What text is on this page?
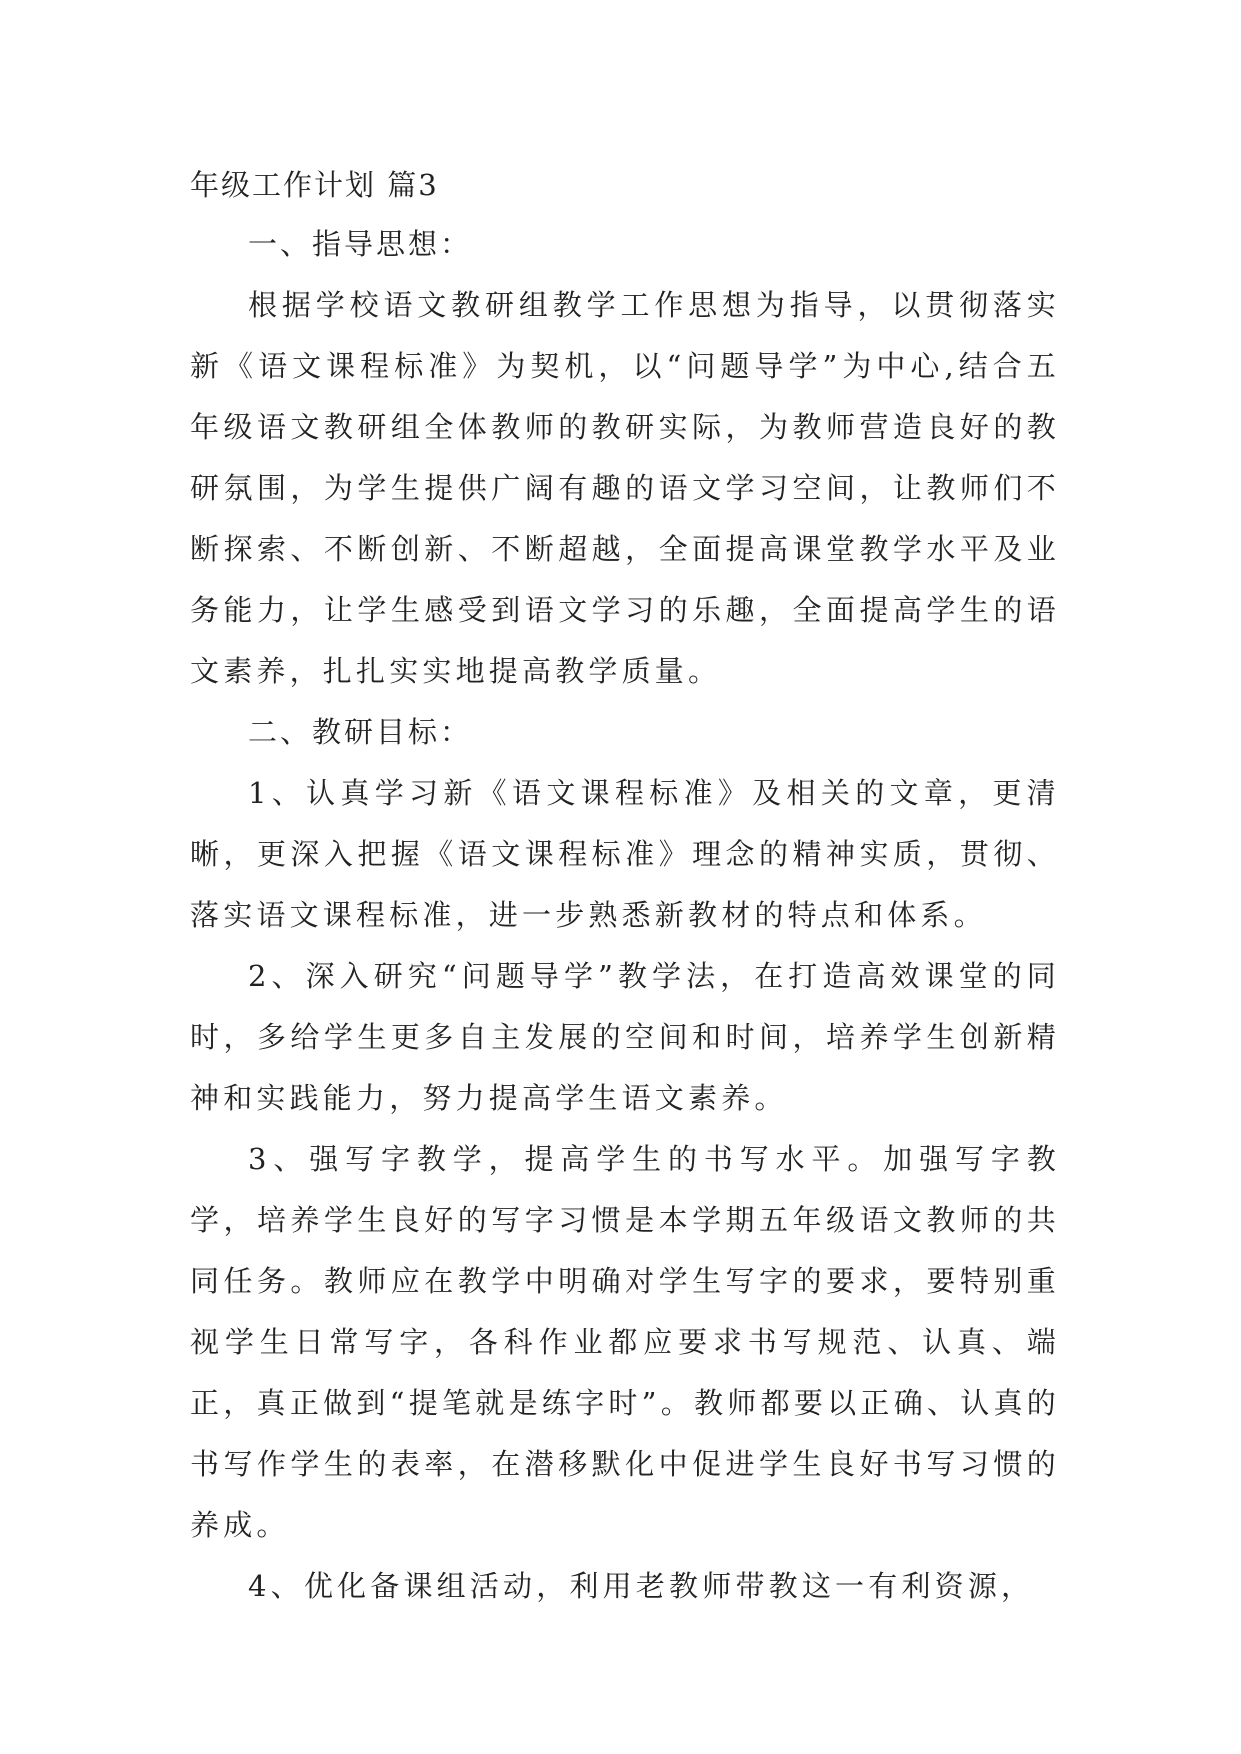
年级工作计划 篇3

一、指导思想：

根据学校语文教研组教学工作思想为指导，以贯彻落实新《语文课程标准》为契机，以“问题导学”为中心,结合五年级语文教研组全体教师的教研实际，为教师营造良好的教研氛围，为学生提供广阔有趣的语文学习空间，让教师们不断探索、不断创新、不断超越，全面提高课堂教学水平及业务能力，让学生感受到语文学习的乐趣，全面提高学生的语文素养，扎扎实实地提高教学质量。

二、教研目标：

1、认真学习新《语文课程标准》及相关的文章，更清晰，更深入把握《语文课程标准》理念的精神实质，贯彻、落实语文课程标准，进一步熟悉新教材的特点和体系。

2、深入研究“问题导学”教学法，在打造高效课堂的同时，多给学生更多自主发展的空间和时间，培养学生创新精神和实践能力，努力提高学生语文素养。

3、强写字教学，提高学生的书写水平。加强写字教学，培养学生良好的写字习惯是本学期五年级语文教师的共同任务。教师应在教学中明确对学生写字的要求，要特别重视学生日常写字，各科作业都应要求书写规范、认真、端正，真正做到“提笔就是练字时”。教师都要以正确、认真的书写作学生的表率，在潜移默化中促进学生良好书写习惯的养成。

4、优化备课组活动，利用老教师带教这一有利资源，
